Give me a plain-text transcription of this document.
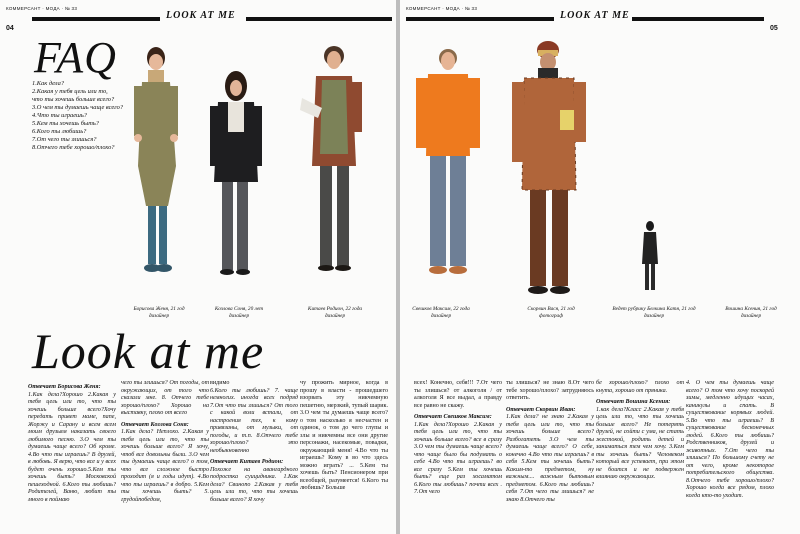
КОММЕРСАНТ · МОДА · № 33
LOOK AT ME
04
FAQ
1.Как дела?
2.Какая у тебя цель или то,
что ты хочешь больше всего?
3.О чем ты думаешь чаще всего?
4.Что ты играешь?
5.Кем ты хочешь быть?
6.Кого ты любишь?
7.От чего ты злишься?
8.Отчего тебе хорошо/плохо?
Борисова Женя, 21 год
дизайнер
Козлова Соня, 20 лет
дизайнер
Китаев Родион, 22 года
дизайнер
Look at me
Отвечает Борисова Женя:
1.Как дела?Хорошо 2.Какая у тебя цель или то, что ты хочешь больше всего?Хочу передать привет маме, папе, Жоржу и Сарану и всем всем моим друзьям наказать своего любимого песню. 3.О чем ты думаешь чаще всего? Об кроме. 4.Во что ты играешь? В друзей, в любовь. Я верю, что все и у всех будет очень хорошо.5.Кем ты хочешь быть? Московской пешеходной. 6.Кого ты любишь? Родителей, Ваню, любит ты много в поймаю
чего ты злишься? От погоды, от окружающих, от того что сказали мне. 8. Отчего тебе хорошо/плохо? Хорошо на выставку, плохо от всего
Отвечает Козлова Соня:
1.Как дела? Неплохо. 2.Какая у тебя цель или то, что ты хочешь больше всего? Я хочу, чтоб все довольны были. 3.О чем ты думаешь чаще всего? о том, что все сложное быстро проходит (я и годы идут). 4.Во что ты играешь? в добро. 5.Кем ты хочешь быть? 5. грудойпобедом,
видимо
6.Кого ты любишь? 7. чаще немногих. иногда всех подряд 7.От что ты злишься? От того с какой воли встали, от настроения тех, к кому привязаны, от музыки, от погоды, и т.п. 8.Отчего тебе хорошо/плохо? это необыкновенно
Отвечает Китаев Родион:
Похоже на авангардного подростка суицидника. 1.Как дела? Свинопо 2.Какая у тебя цель или то, что ты хочешь больше всего? Я хочу
чу прожить мирное, когда в прошу в власти - прошедшего взорвать эту никчемную пешетню, мерзкий, тупый шарик. 3.О чем ты думаешь чаще всего? о том насколько я несчастен и одинок, о том до чего глупы и злы и никчемны все они другие персонажи, насекомые, повадки, окружающий меня! 4.Во что ты играешь? Кому в во что здесь можно играть? ... 5.Кем ты хочешь быть? Пенсионером при всеобщей, разумеется! 6.Кого ты любишь? Больше
КОММЕРСАНТ · МОДА · № 33
LOOK AT ME
05
Свешков Максим, 22 года
дизайнер
Скорвин Вася, 21 год
фотограф
Ведет рубрику Белкина Катя, 21 год
дизайнер
Вошина Ксения, 21 год
дизайнер
всех! Конечно, себя!!! 7.От чего ты злишься? от алкоголя / от алкоголя Я все выдал, а правду все равно не скажу.
Отвечает Свешков Максим:
1.Как дела?Хорошо 2.Какая у тебя цель или то, что ты хочешь больше всего? все в сразу 3.О чем ты думаешь чаще всего? что чаще было бы подумать о себе 4.Во что ты играешь? во все сразу 5.Кем ты хочешь быть? еще раз хосаматом 6.Кого ты любишь? почти всех . 7.От чего
ты злишься? не знаю 8.От чего тебе хорошо/плохо? затрудняюсь ответить.
Отвечает Скорвин Иван:
1.Как дела? не знаю 2.Какая у тебя цель или то, что ты хочешь больше всего? Разбогатеть 3.О чем ты думаешь чаще всего? О себе, конечно 4.Во что ты играешь? в себя 5.Кем ты хочешь быть? Каким-то предметом, ну важным.... важным бытовым предметом. 6.Кого ты любишь? себя 7.От чего ты злишься? не знаю 8.Отчего ты
бе хорошо/плохо? плохо от кнута, хорошо от пряника.
Отвечает Вошина Ксения:
1.как дела?Класс 2.Какая у тебя цель или то, что ты хочешь больше всего? Не потерять друзей, не сойти с ума, не стать жестокой, родить детей и заниматься тем чем хочу. 3.Кем ты хочешь быть? Человеком который все успевает, при этом не боится и не подвержен влиянию окружающих.
4. О чем ты думаешь чаще всего? О том что хочу поскорей зимы, медленно идущих часах, каникулы и спать. В существование корявых людей. 5.Во что ты играешь? В существование бесконечных людей. 6.Кого ты любишь? Родственников, друзей и животных. 7.От чего ты злишься? По большому счету не от чего, кроме некоторое потребительского общества. 8.Отчего тебе хорошо/плохо? Хорошо когда все рядом, плохо когда кто-то уходит.
